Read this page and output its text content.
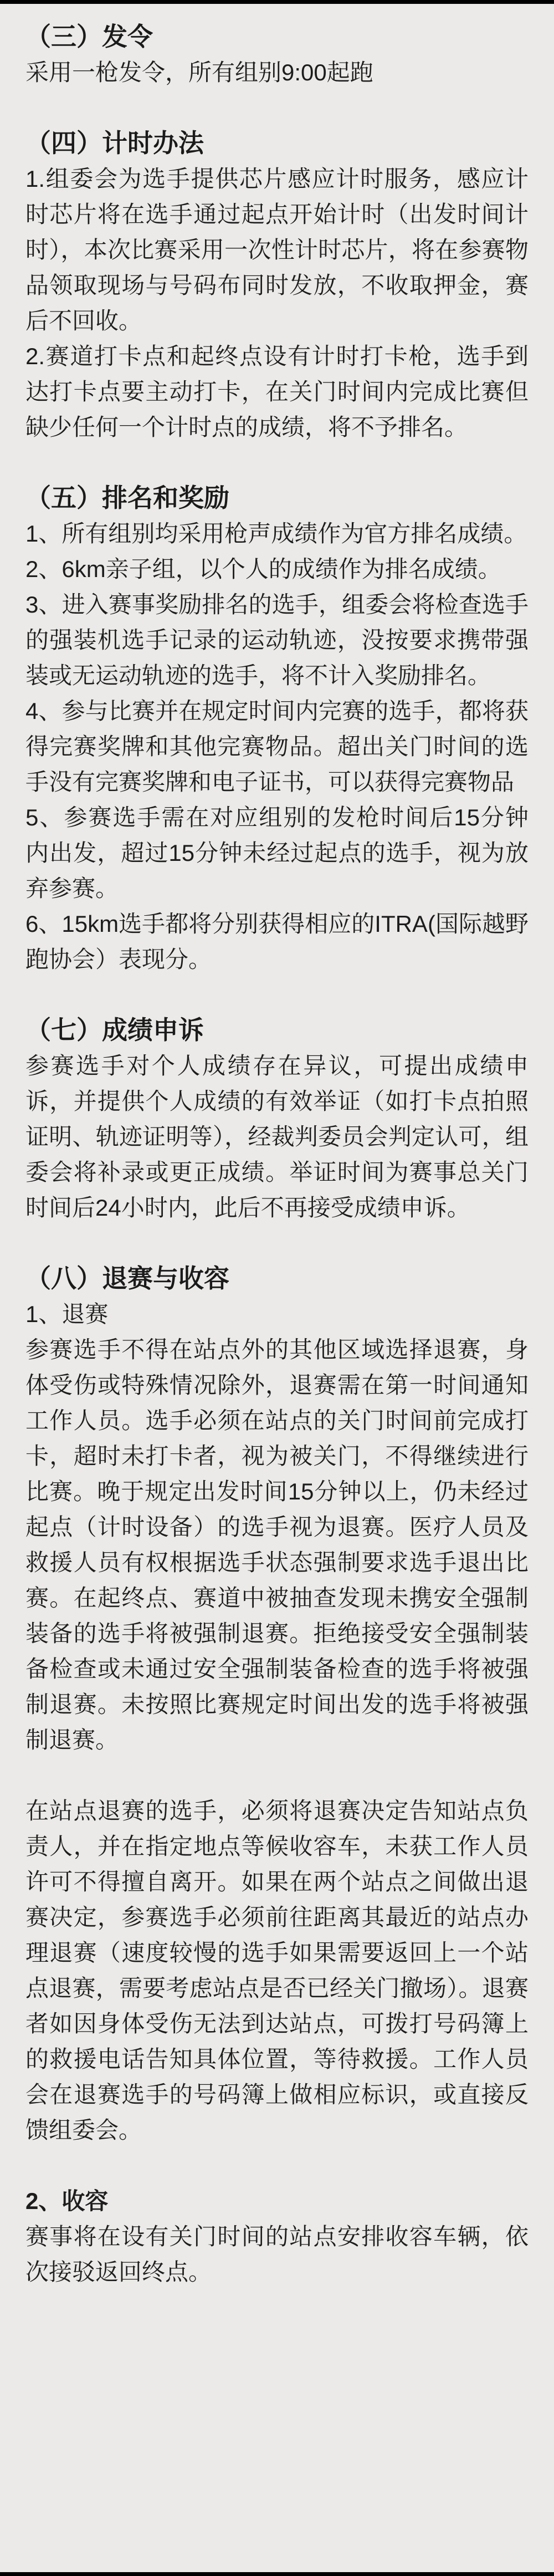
（三）发令

采用一枪发令，所有组别9:00起跑

（四）计时办法

1.组委会为选手提供芯片感应计时服务，感应计时芯片将在选手通过起点开始计时（出发时间计时），本次比赛采用一次性计时芯片，将在参赛物品领取现场与号码布同时发放，不收取押金，赛后不回收。

2.赛道打卡点和起终点设有计时打卡枪，选手到达打卡点要主动打卡，在关门时间内完成比赛但缺少任何一个计时点的成绩，将不予排名。

（五）排名和奖励

1、所有组别均采用枪声成绩作为官方排名成绩。

2、6km亲子组，以个人的成绩作为排名成绩。

3、进入赛事奖励排名的选手，组委会将检查选手的强装机选手记录的运动轨迹，没按要求携带强装或无运动轨迹的选手，将不计入奖励排名。

4、参与比赛并在规定时间内完赛的选手，都将获得完赛奖牌和其他完赛物品。超出关门时间的选手没有完赛奖牌和电子证书，可以获得完赛物品

5、参赛选手需在对应组别的发枪时间后15分钟内出发，超过15分钟未经过起点的选手，视为放弃参赛。

6、15km选手都将分别获得相应的ITRA(国际越野跑协会）表现分。

（七）成绩申诉

参赛选手对个人成绩存在异议，可提出成绩申诉，并提供个人成绩的有效举证（如打卡点拍照证明、轨迹证明等），经裁判委员会判定认可，组委会将补录或更正成绩。举证时间为赛事总关门时间后24小时内，此后不再接受成绩申诉。

（八）退赛与收容

1、退赛

参赛选手不得在站点外的其他区域选择退赛，身体受伤或特殊情况除外，退赛需在第一时间通知工作人员。选手必须在站点的关门时间前完成打卡，超时未打卡者，视为被关门，不得继续进行比赛。晚于规定出发时间15分钟以上，仍未经过起点（计时设备）的选手视为退赛。医疗人员及救援人员有权根据选手状态强制要求选手退出比赛。在起终点、赛道中被抽查发现未携安全强制装备的选手将被强制退赛。拒绝接受安全强制装备检查或未通过安全强制装备检查的选手将被强制退赛。未按照比赛规定时间出发的选手将被强制退赛。

在站点退赛的选手，必须将退赛决定告知站点负责人，并在指定地点等候收容车，未获工作人员许可不得擅自离开。如果在两个站点之间做出退赛决定，参赛选手必须前往距离其最近的站点办理退赛（速度较慢的选手如果需要返回上一个站点退赛，需要考虑站点是否已经关门撤场）。退赛者如因身体受伤无法到达站点，可拨打号码簿上的救援电话告知具体位置，等待救援。工作人员会在退赛选手的号码簿上做相应标识，或直接反馈组委会。

2、收容

赛事将在设有关门时间的站点安排收容车辆，依次接驳返回终点。
